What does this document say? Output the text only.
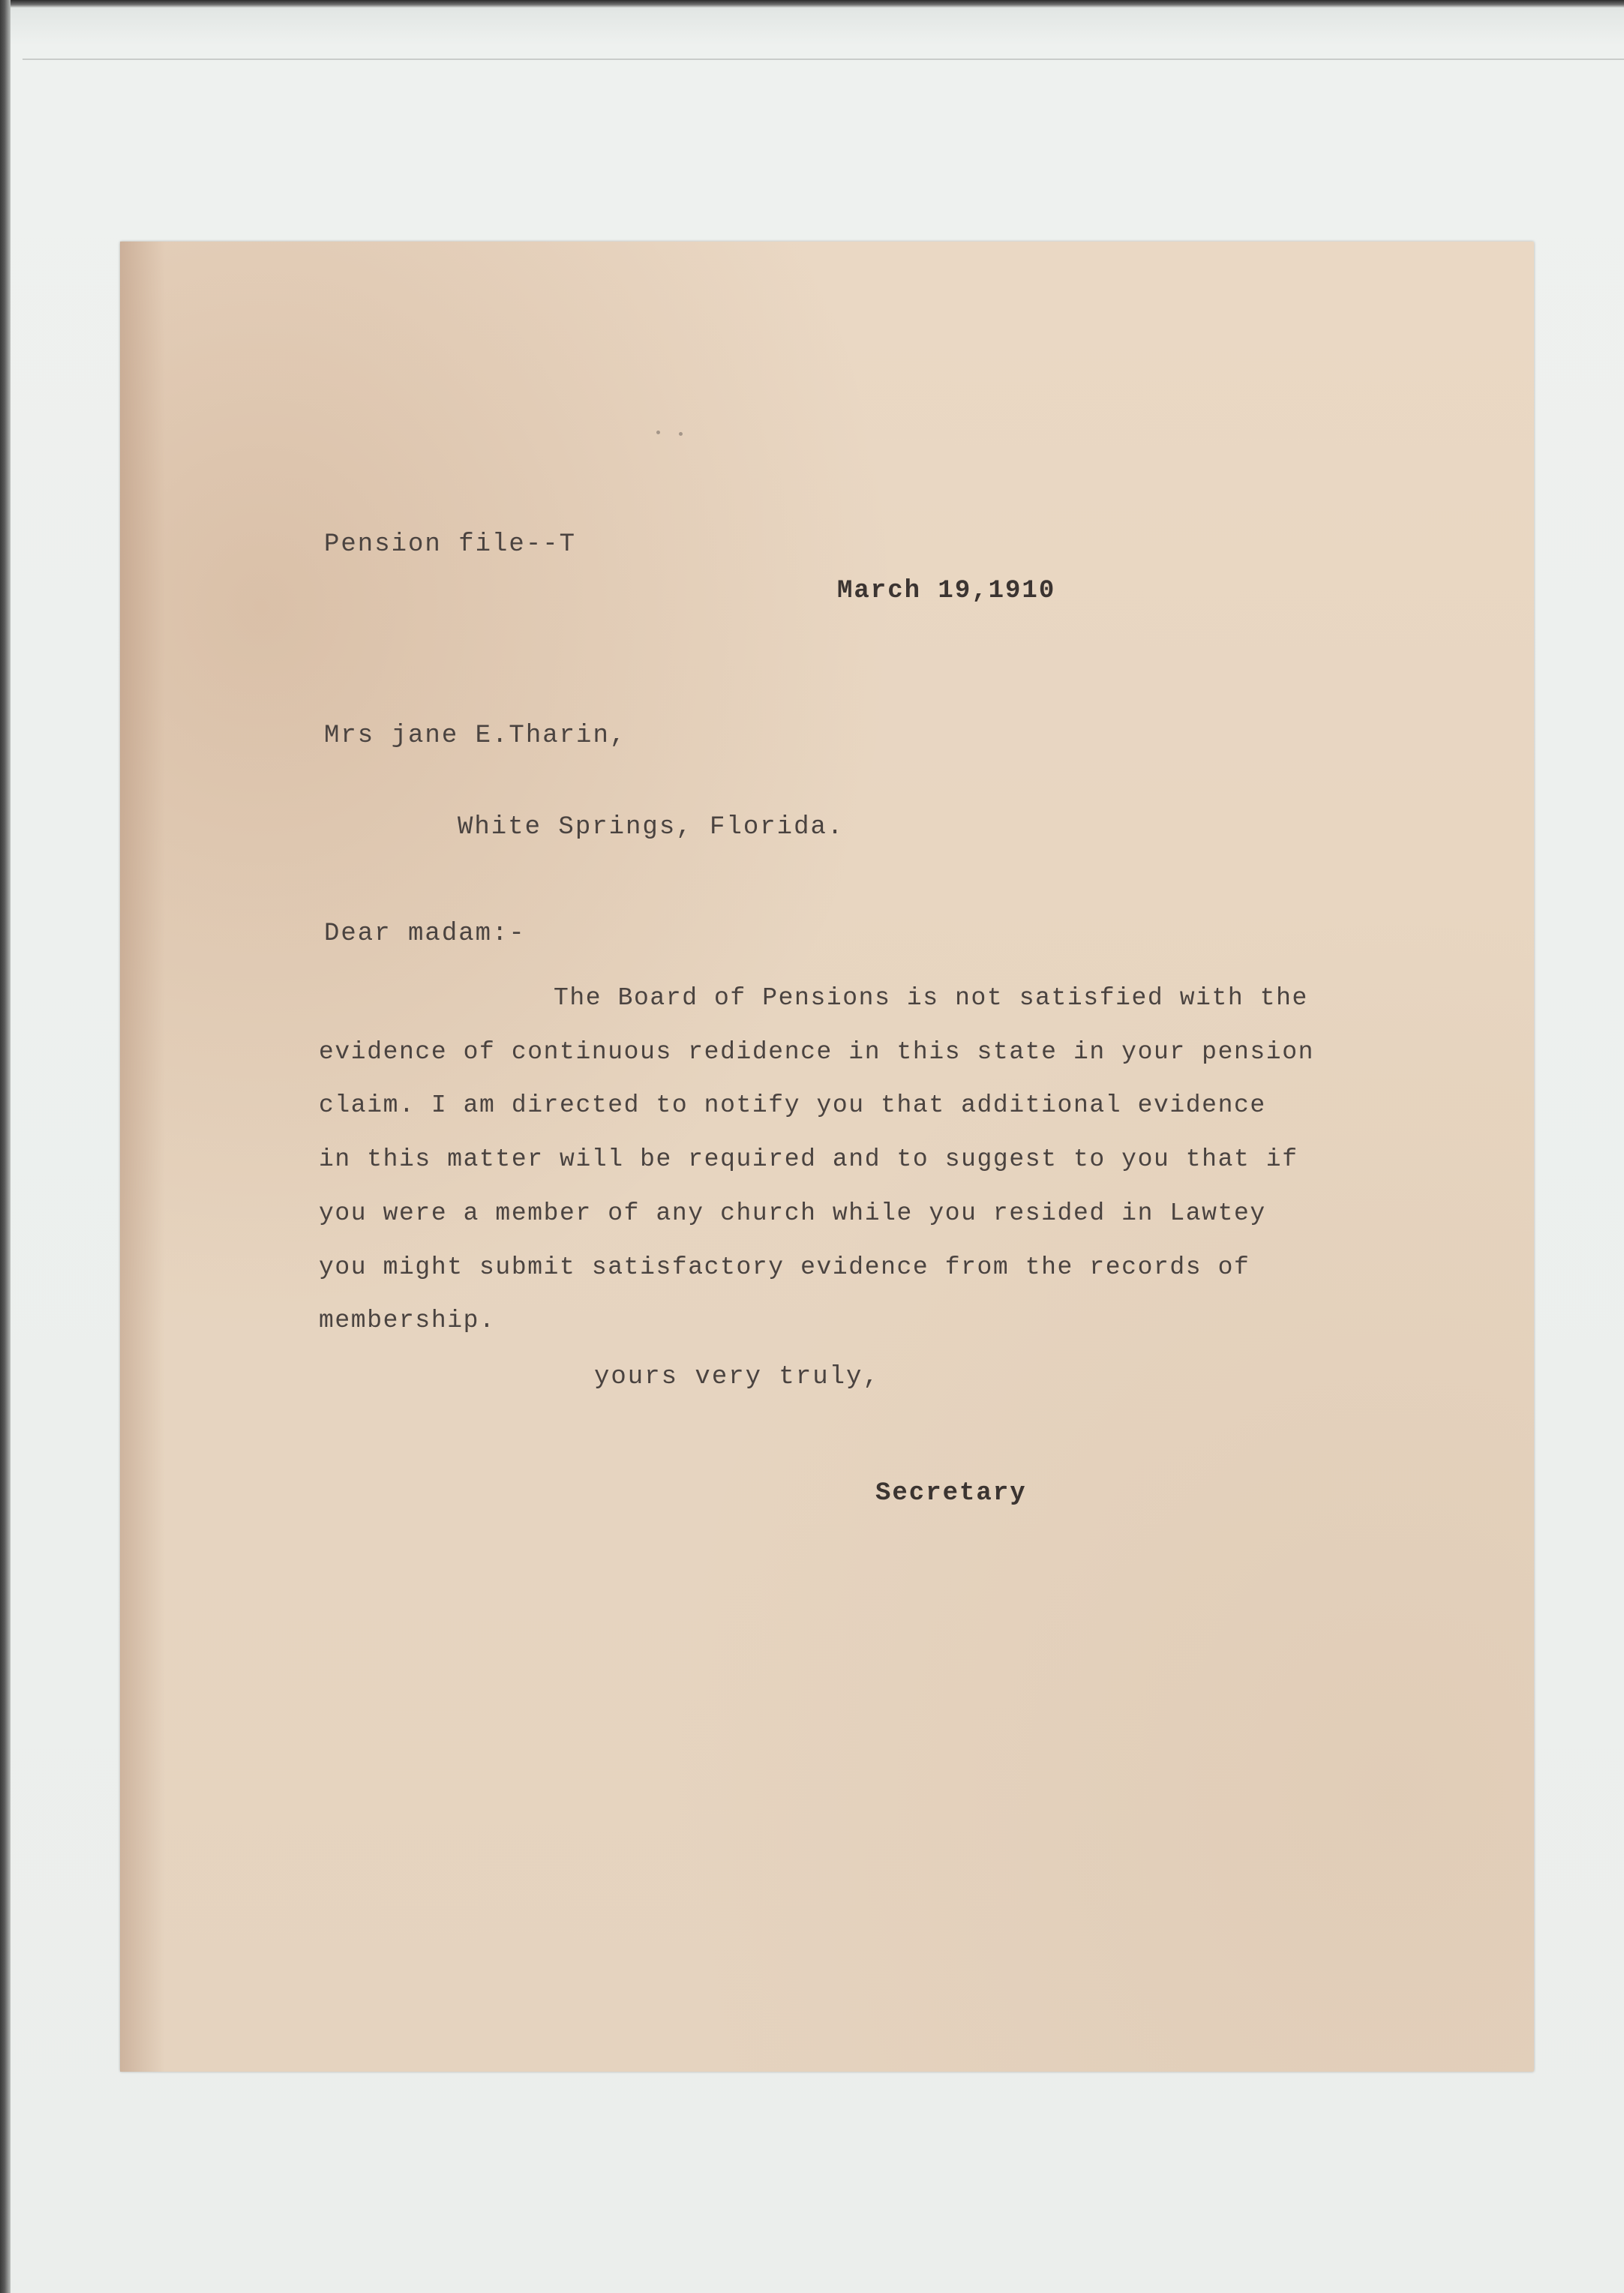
Pension file--T
March 19,1910
Mrs jane E.Tharin,
White Springs, Florida.
Dear madam:-
The Board of Pensions is not satisfied with the
evidence of continuous redidence in this state in your pension
claim. I am directed to notify you that additional evidence
in this matter will be required and to suggest to you that if
you were a member of any church while you resided in Lawtey
you might submit satisfactory evidence from the records of
membership.
yours very truly,
Secretary
